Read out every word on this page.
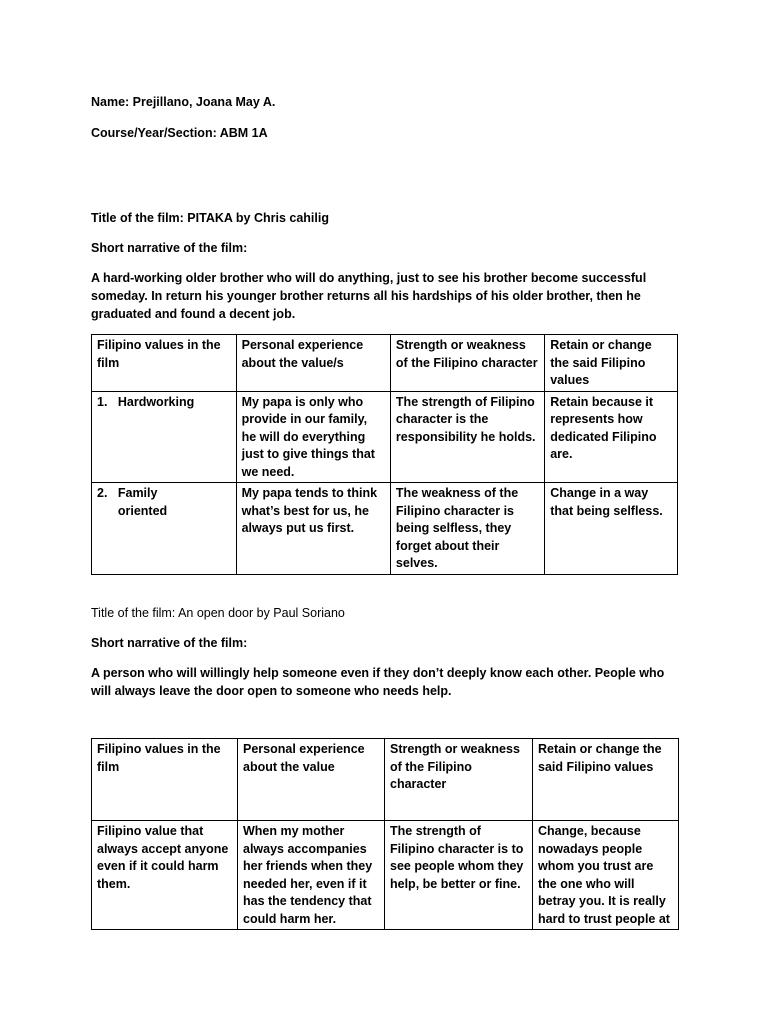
Name: Prejillano, Joana May A.
Course/Year/Section: ABM 1A
Title of the film: PITAKA by Chris cahilig
Short narrative of the film:
A hard-working older brother who will do anything, just to see his brother become successful someday. In return his younger brother returns all his hardships of his older brother, then he graduated and found a decent job.
Filipino values in the film	Personal experience about the value/s	Strength or weakness of the Filipino character	Retain or change the said Filipino values
1. Hardworking	My papa is only who provide in our family, he will do everything just to give things that we need.	The strength of Filipino character is the responsibility he holds.	Retain because it represents how dedicated Filipino are.
2. Family oriented	My papa tends to think what’s best for us, he always put us first.	The weakness of the Filipino character is being selfless, they forget about their selves.	Change in a way that being selfless.
Title of the film: An open door by Paul Soriano
Short narrative of the film:
A person who will willingly help someone even if they don’t deeply know each other. People who will always leave the door open to someone who needs help.
Filipino values in the film	Personal experience about the value	Strength or weakness of the Filipino character	Retain or change the said Filipino values
Filipino value that always accept anyone even if it could harm them.	When my mother always accompanies her friends when they needed her, even if it has the tendency that could harm her.	The strength of Filipino character is to see people whom they help, be better or fine.	Change, because nowadays people whom you trust are the one who will betray you. It is really hard to trust people at
